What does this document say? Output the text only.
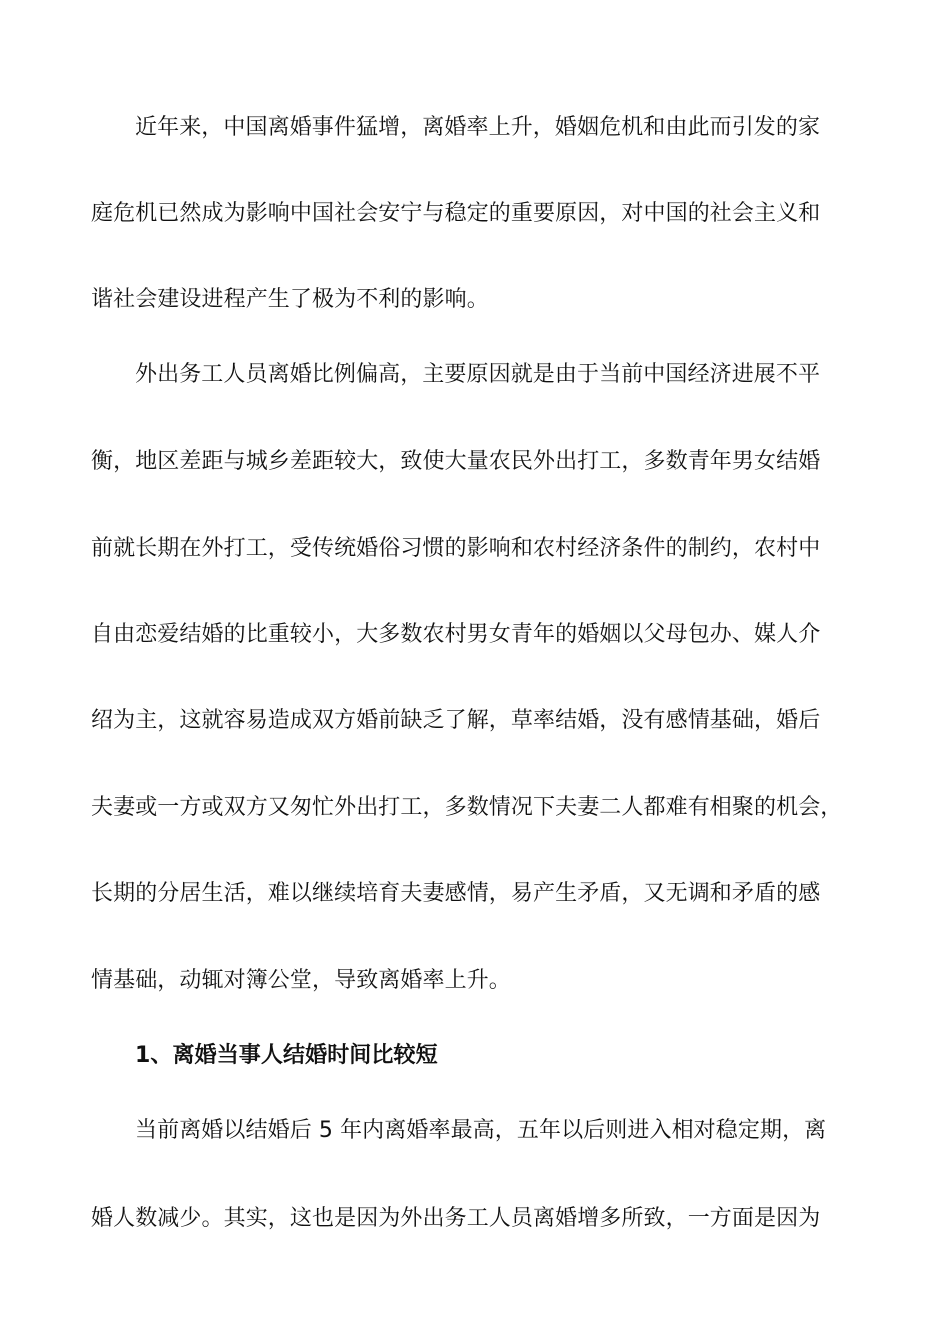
近年来，中国离婚事件猛增，离婚率上升，婚姻危机和由此而引发的家
庭危机已然成为影响中国社会安宁与稳定的重要原因，对中国的社会主义和
谐社会建设进程产生了极为不利的影响。
外出务工人员离婚比例偏高，主要原因就是由于当前中国经济进展不平
衡，地区差距与城乡差距较大，致使大量农民外出打工，多数青年男女结婚
前就长期在外打工，受传统婚俗习惯的影响和农村经济条件的制约，农村中
自由恋爱结婚的比重较小，大多数农村男女青年的婚姻以父母包办、媒人介
绍为主，这就容易造成双方婚前缺乏了解，草率结婚，没有感情基础，婚后
夫妻或一方或双方又匆忙外出打工，多数情况下夫妻二人都难有相聚的机会，
长期的分居生活，难以继续培育夫妻感情，易产生矛盾，又无调和矛盾的感
情基础，动辄对簿公堂，导致离婚率上升。
1、离婚当事人结婚时间比较短
当前离婚以结婚后 5 年内离婚率最高，五年以后则进入相对稳定期，离
婚人数减少。其实，这也是因为外出务工人员离婚增多所致，一方面是因为
